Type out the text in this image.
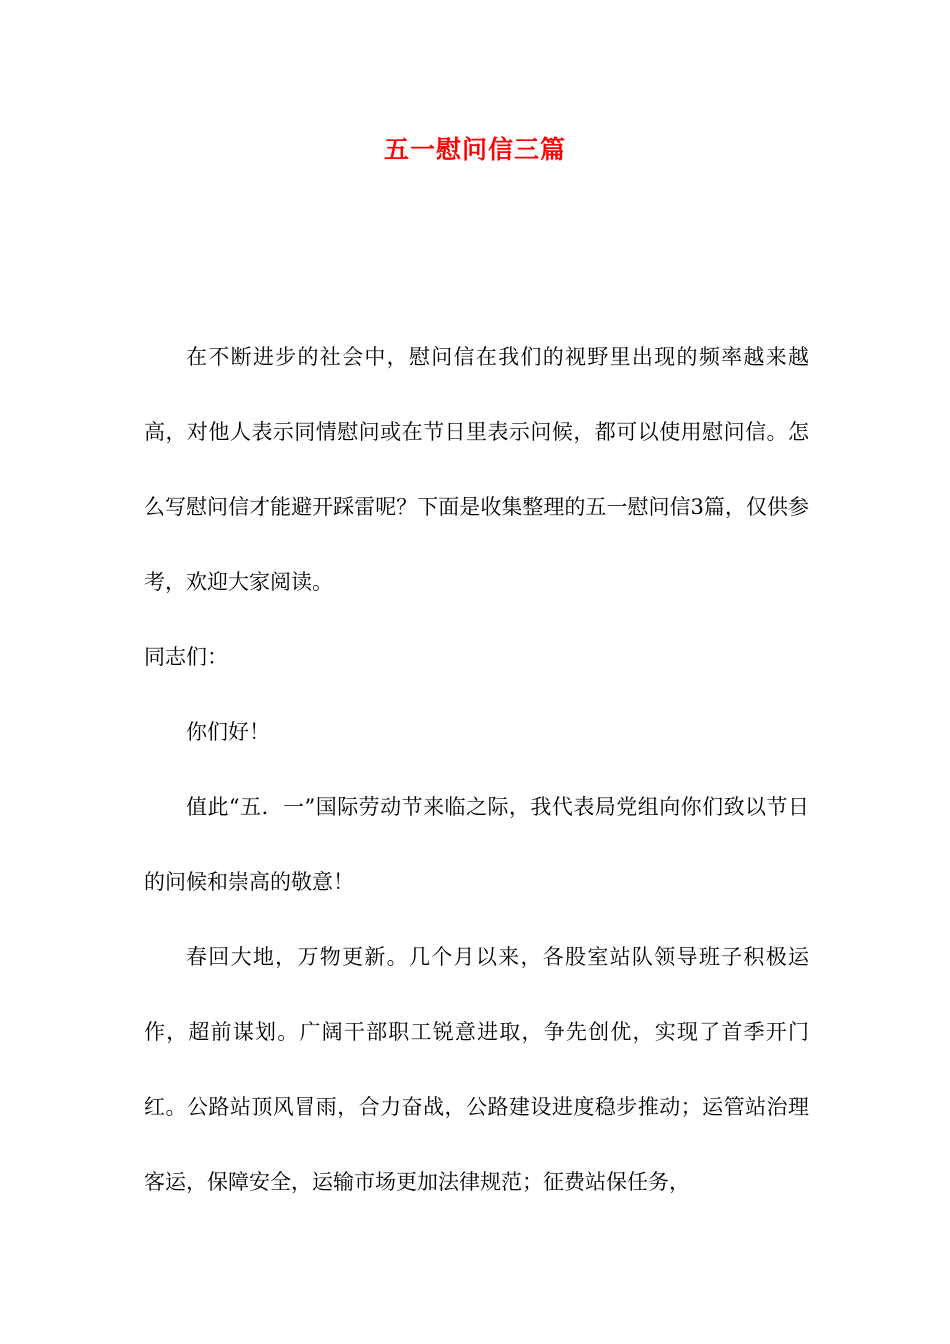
五一慰问信三篇

在不断进步的社会中，慰问信在我们的视野里出现的频率越来越高，对他人表示同情慰问或在节日里表示问候，都可以使用慰问信。怎么写慰问信才能避开踩雷呢？下面是收集整理的五一慰问信3篇，仅供参考，欢迎大家阅读。

同志们：

你们好！

值此“五．一”国际劳动节来临之际，我代表局党组向你们致以节日的问候和崇高的敬意！

春回大地，万物更新。几个月以来，各股室站队领导班子积极运作，超前谋划。广阔干部职工锐意进取，争先创优，实现了首季开门红。公路站顶风冒雨，合力奋战，公路建设进度稳步推动；运管站治理客运，保障安全，运输市场更加法律规范；征费站保任务，
